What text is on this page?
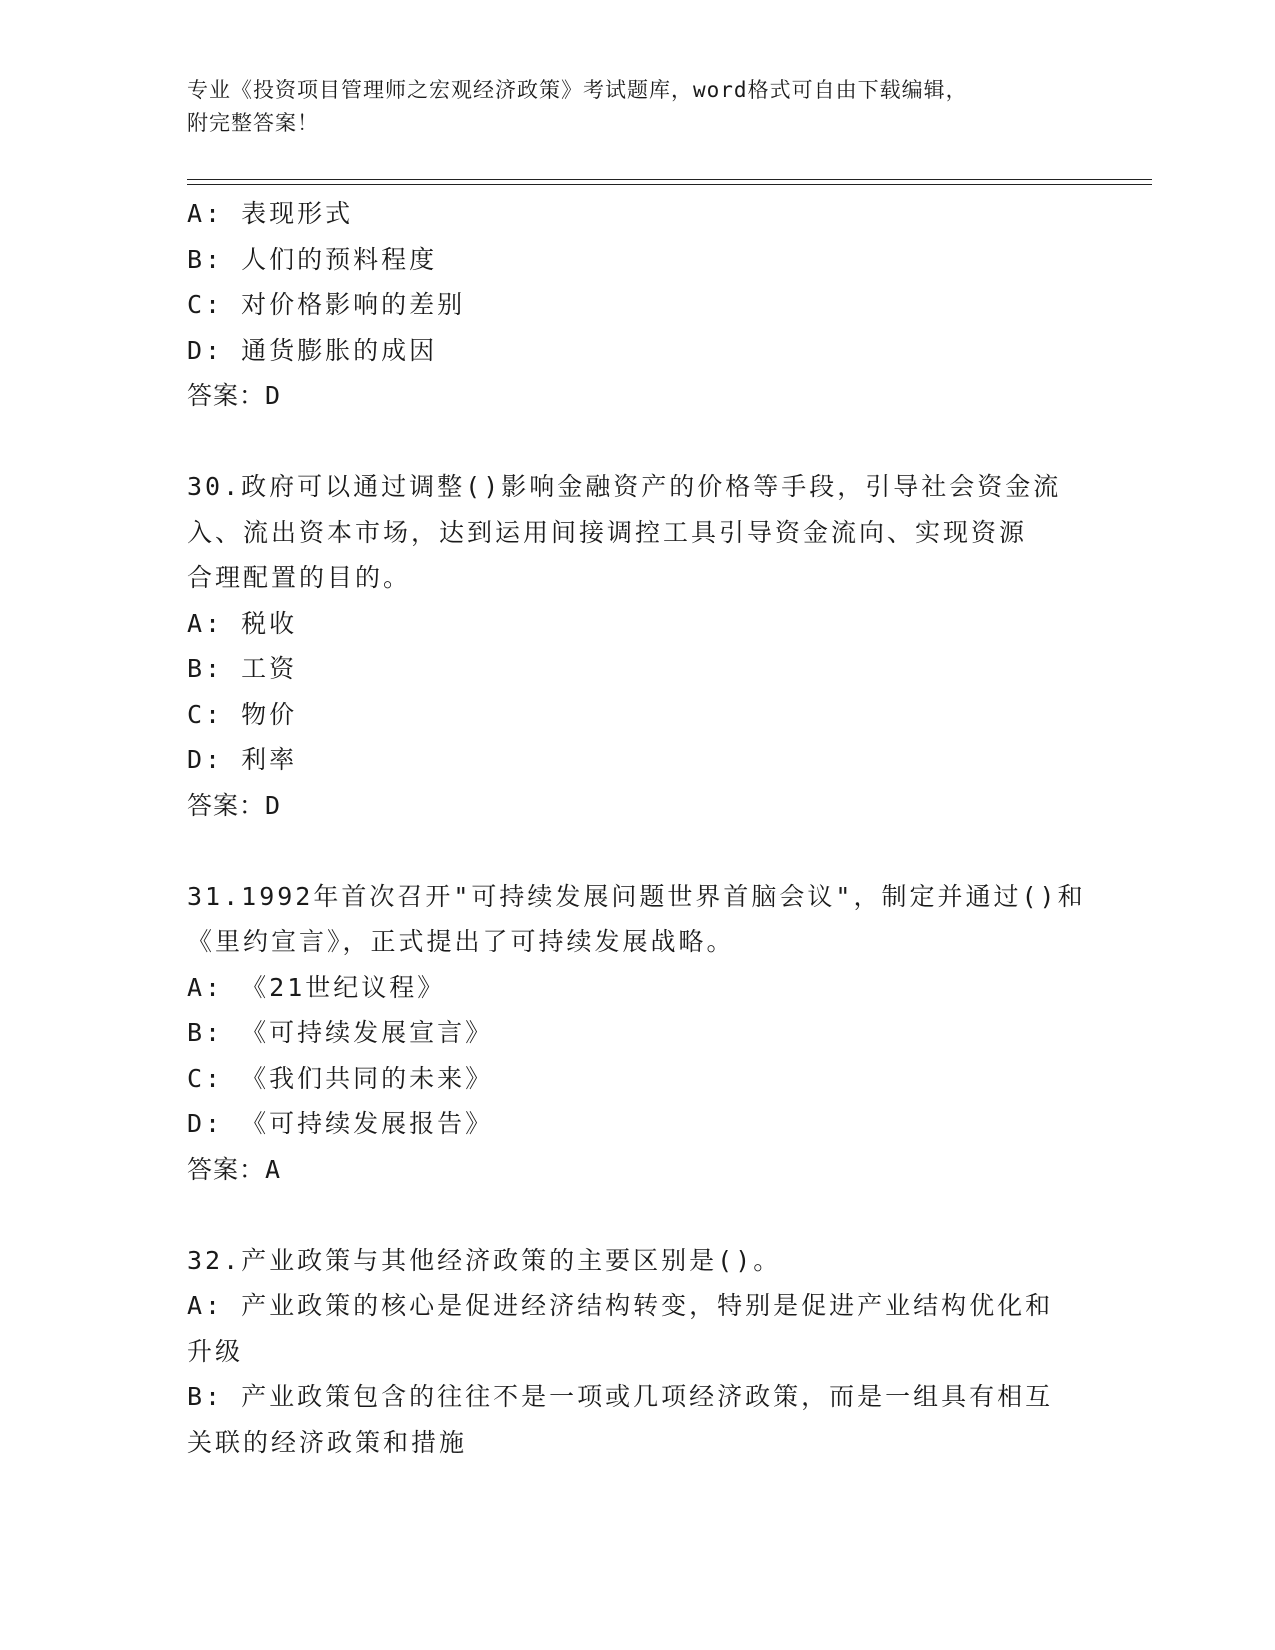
专业《投资项目管理师之宏观经济政策》考试题库，word格式可自由下载编辑，
附完整答案！
A: 表现形式
B: 人们的预料程度
C: 对价格影响的差别
D: 通货膨胀的成因
答案：D
30.政府可以通过调整()影响金融资产的价格等手段，引导社会资金流
入、流出资本市场，达到运用间接调控工具引导资金流向、实现资源
合理配置的目的。
A: 税收
B: 工资
C: 物价
D: 利率
答案：D
31.1992年首次召开"可持续发展问题世界首脑会议"，制定并通过()和
《里约宣言》，正式提出了可持续发展战略。
A: 《21世纪议程》
B: 《可持续发展宣言》
C: 《我们共同的未来》
D: 《可持续发展报告》
答案：A
32.产业政策与其他经济政策的主要区别是()。
A: 产业政策的核心是促进经济结构转变，特别是促进产业结构优化和
升级
B: 产业政策包含的往往不是一项或几项经济政策，而是一组具有相互
关联的经济政策和措施
